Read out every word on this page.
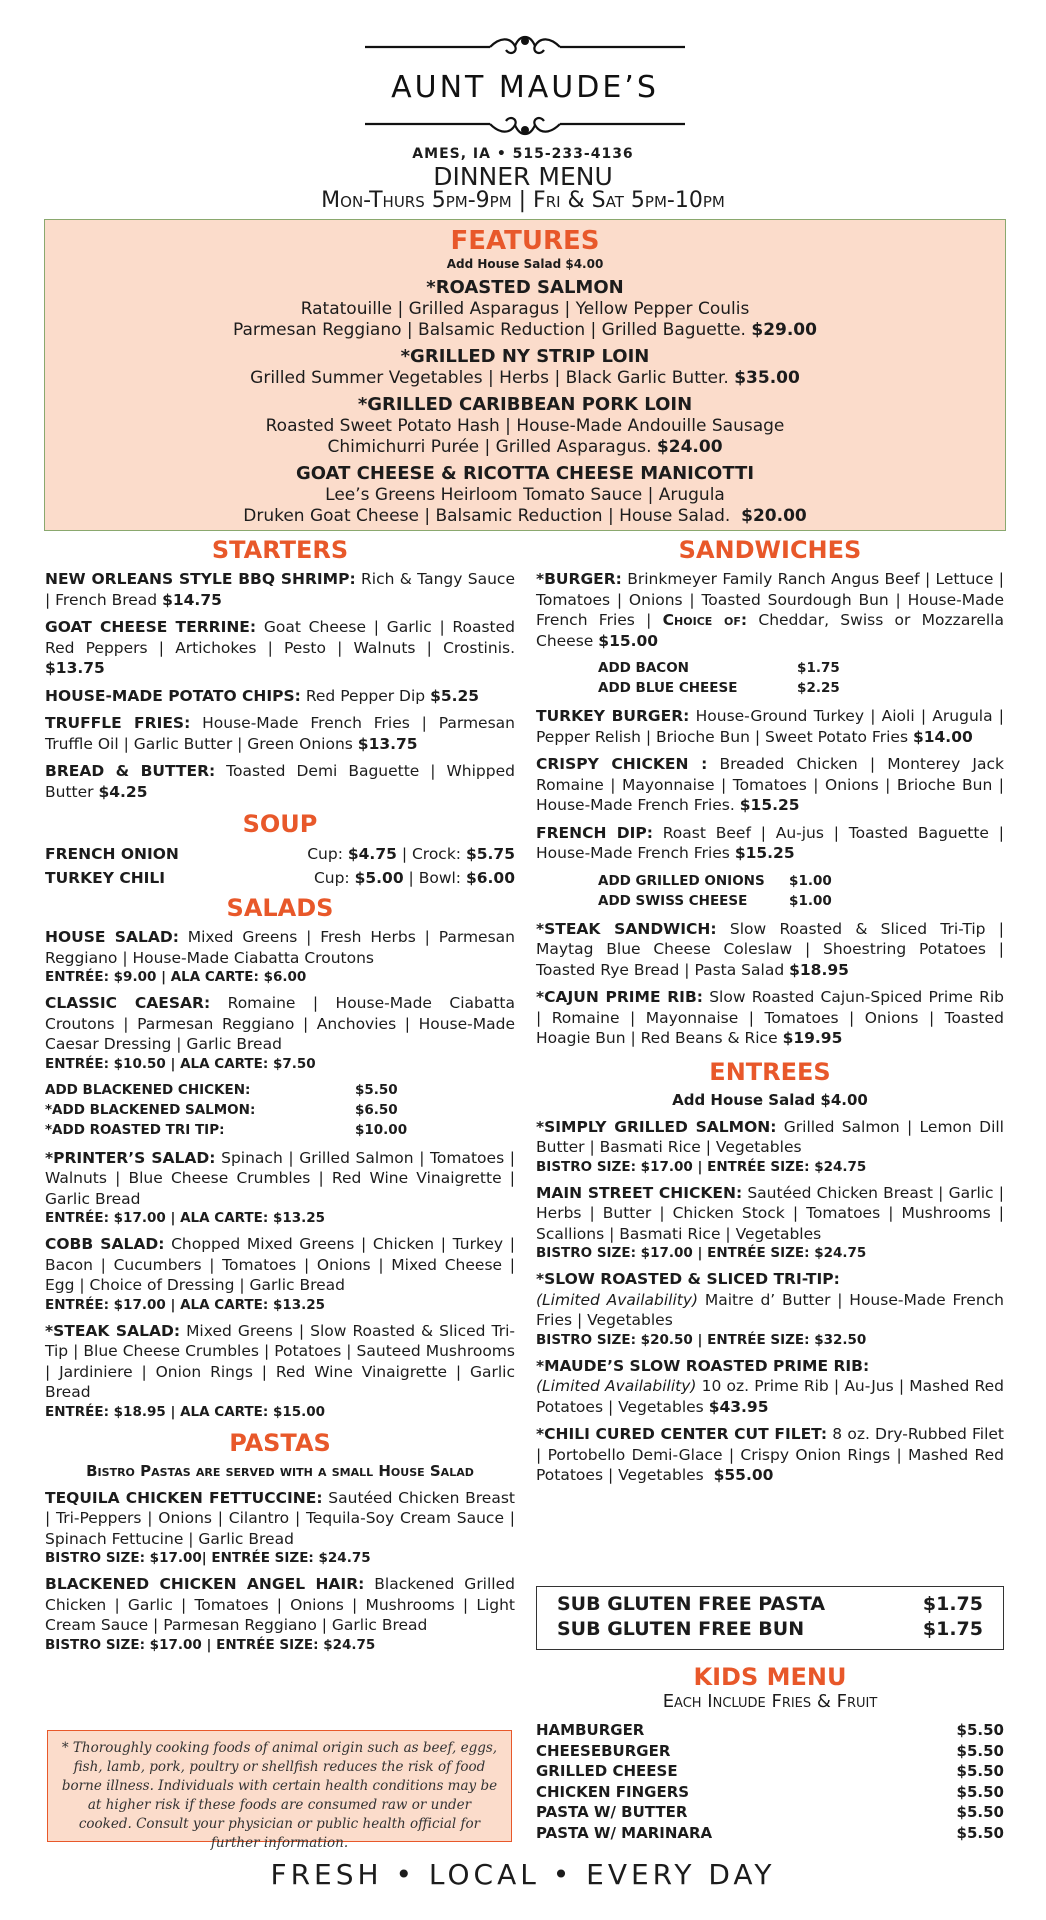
AUNT MAUDE’S
AMES, IA • 515-233-4136
DINNER MENU
Mon-Thurs 5pm-9pm | Fri & Sat 5pm-10pm
FEATURES
Add House Salad $4.00
*ROASTED SALMON
Ratatouille | Grilled Asparagus | Yellow Pepper Coulis
Parmesan Reggiano | Balsamic Reduction | Grilled Baguette. $29.00
*GRILLED NY STRIP LOIN
Grilled Summer Vegetables | Herbs | Black Garlic Butter. $35.00
*GRILLED CARIBBEAN PORK LOIN
Roasted Sweet Potato Hash | House-Made Andouille Sausage
Chimichurri Purée | Grilled Asparagus. $24.00
GOAT CHEESE & RICOTTA CHEESE MANICOTTI
Lee’s Greens Heirloom Tomato Sauce | Arugula
Druken Goat Cheese | Balsamic Reduction | House Salad. $20.00
STARTERS
NEW ORLEANS STYLE BBQ SHRIMP: Rich & Tangy Sauce | French Bread $14.75
GOAT CHEESE TERRINE: Goat Cheese | Garlic | Roasted Red Peppers | Artichokes | Pesto | Walnuts | Crostinis. $13.75
HOUSE-MADE POTATO CHIPS: Red Pepper Dip $5.25
TRUFFLE FRIES: House-Made French Fries | Parmesan Truffle Oil | Garlic Butter | Green Onions $13.75
BREAD & BUTTER: Toasted Demi Baguette | Whipped Butter $4.25
SOUP
FRENCH ONION	Cup: $4.75 | Crock: $5.75
TURKEY CHILI	Cup: $5.00 | Bowl: $6.00
SALADS
HOUSE SALAD: Mixed Greens | Fresh Herbs | Parmesan Reggiano | House-Made Ciabatta Croutons
ENTRÉE: $9.00 | ALA CARTE: $6.00
CLASSIC CAESAR: Romaine | House-Made Ciabatta Croutons | Parmesan Reggiano | Anchovies | House-Made Caesar Dressing | Garlic Bread
ENTRÉE: $10.50 | ALA CARTE: $7.50
ADD BLACKENED CHICKEN:	$5.50
*ADD BLACKENED SALMON:	$6.50
*ADD ROASTED TRI TIP:	$10.00
*PRINTER’S SALAD: Spinach | Grilled Salmon | Tomatoes | Walnuts | Blue Cheese Crumbles | Red Wine Vinaigrette | Garlic Bread
ENTRÉE: $17.00 | ALA CARTE: $13.25
COBB SALAD: Chopped Mixed Greens | Chicken | Turkey | Bacon | Cucumbers | Tomatoes | Onions | Mixed Cheese | Egg | Choice of Dressing | Garlic Bread
ENTRÉE: $17.00 | ALA CARTE: $13.25
*STEAK SALAD: Mixed Greens | Slow Roasted & Sliced Tri-Tip | Blue Cheese Crumbles | Potatoes | Sauteed Mushrooms | Jardiniere | Onion Rings | Red Wine Vinaigrette | Garlic Bread
ENTRÉE: $18.95 | ALA CARTE: $15.00
PASTAS
Bistro Pastas are served with a small House Salad
TEQUILA CHICKEN FETTUCCINE: Sautéed Chicken Breast | Tri-Peppers | Onions | Cilantro | Tequila-Soy Cream Sauce | Spinach Fettucine | Garlic Bread
BISTRO SIZE: $17.00| ENTRÉE SIZE: $24.75
BLACKENED CHICKEN ANGEL HAIR: Blackened Grilled Chicken | Garlic | Tomatoes | Onions | Mushrooms | Light Cream Sauce | Parmesan Reggiano | Garlic Bread
BISTRO SIZE: $17.00 | ENTRÉE SIZE: $24.75
* Thoroughly cooking foods of animal origin such as beef, eggs, fish, lamb, pork, poultry or shellfish reduces the risk of food borne illness. Individuals with certain health conditions may be at higher risk if these foods are consumed raw or under cooked. Consult your physician or public health official for further information.
SANDWICHES
*BURGER: Brinkmeyer Family Ranch Angus Beef | Lettuce | Tomatoes | Onions | Toasted Sourdough Bun | House-Made French Fries | Choice of: Cheddar, Swiss or Mozzarella Cheese $15.00
ADD BACON	$1.75
ADD BLUE CHEESE	$2.25
TURKEY BURGER: House-Ground Turkey | Aioli | Arugula | Pepper Relish | Brioche Bun | Sweet Potato Fries $14.00
CRISPY CHICKEN : Breaded Chicken | Monterey Jack Romaine | Mayonnaise | Tomatoes | Onions | Brioche Bun | House-Made French Fries. $15.25
FRENCH DIP: Roast Beef | Au-jus | Toasted Baguette | House-Made French Fries $15.25
ADD GRILLED ONIONS	$1.00
ADD SWISS CHEESE	$1.00
*STEAK SANDWICH: Slow Roasted & Sliced Tri-Tip | Maytag Blue Cheese Coleslaw | Shoestring Potatoes | Toasted Rye Bread | Pasta Salad $18.95
*CAJUN PRIME RIB: Slow Roasted Cajun-Spiced Prime Rib | Romaine | Mayonnaise | Tomatoes | Onions | Toasted Hoagie Bun | Red Beans & Rice $19.95
ENTREES
Add House Salad $4.00
*SIMPLY GRILLED SALMON: Grilled Salmon | Lemon Dill Butter | Basmati Rice | Vegetables
BISTRO SIZE: $17.00 | ENTRÉE SIZE: $24.75
MAIN STREET CHICKEN: Sautéed Chicken Breast | Garlic | Herbs | Butter | Chicken Stock | Tomatoes | Mushrooms | Scallions | Basmati Rice | Vegetables
BISTRO SIZE: $17.00 | ENTRÉE SIZE: $24.75
*SLOW ROASTED & SLICED TRI-TIP:
(Limited Availability) Maitre d’ Butter | House-Made French Fries | Vegetables
BISTRO SIZE: $20.50 | ENTRÉE SIZE: $32.50
*MAUDE’S SLOW ROASTED PRIME RIB:
(Limited Availability) 10 oz. Prime Rib | Au-Jus | Mashed Red Potatoes | Vegetables $43.95
*CHILI CURED CENTER CUT FILET: 8 oz. Dry-Rubbed Filet | Portobello Demi-Glace | Crispy Onion Rings | Mashed Red Potatoes | Vegetables $55.00
SUB GLUTEN FREE PASTA	$1.75
SUB GLUTEN FREE BUN	$1.75
KIDS MENU
Each Include Fries & Fruit
HAMBURGER	$5.50
CHEESEBURGER	$5.50
GRILLED CHEESE	$5.50
CHICKEN FINGERS	$5.50
PASTA W/ BUTTER	$5.50
PASTA W/ MARINARA	$5.50
FRESH • LOCAL • EVERY DAY
